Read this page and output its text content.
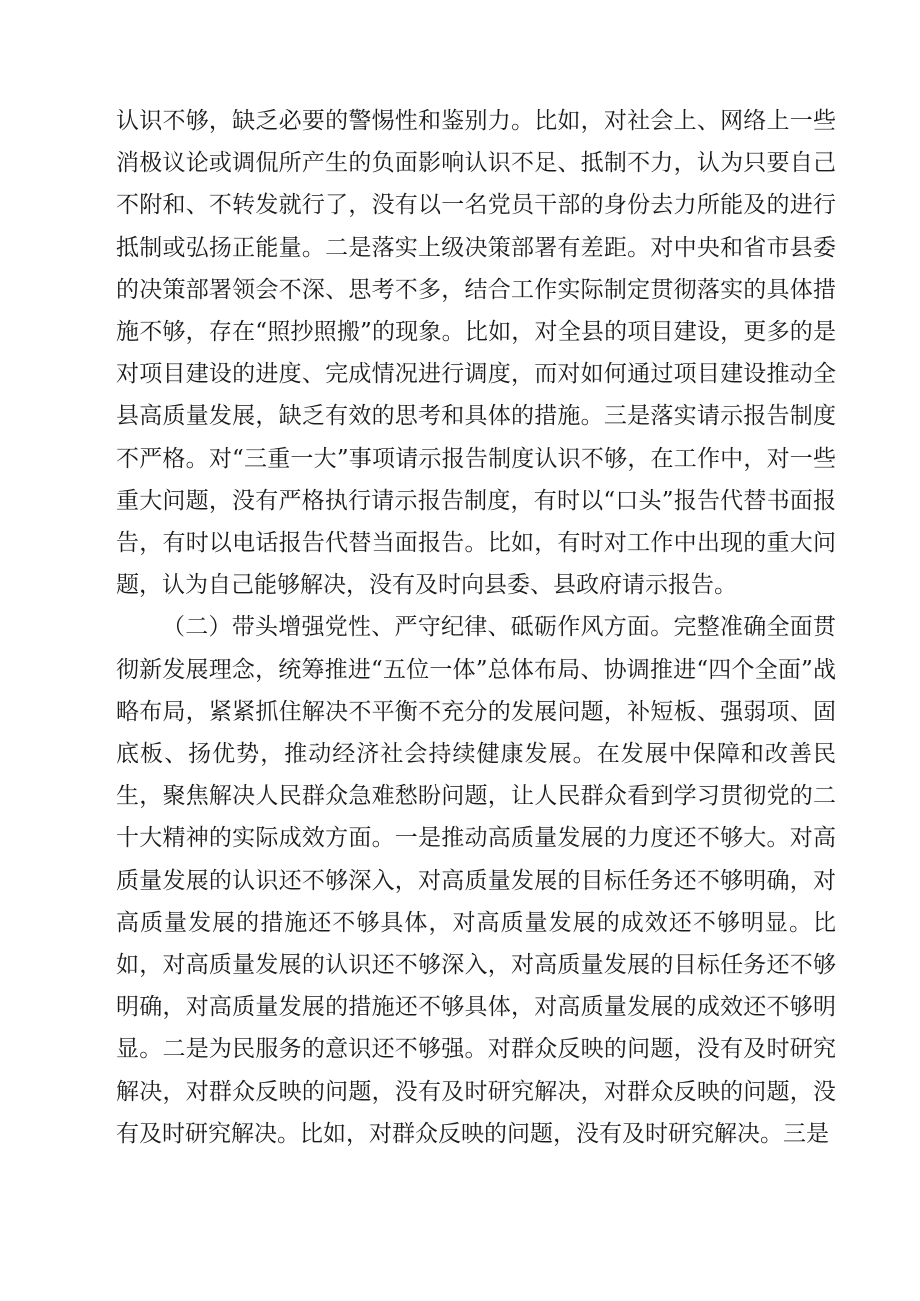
认识不够，缺乏必要的警惕性和鉴别力。比如，对社会上、网络上一些消极议论或调侃所产生的负面影响认识不足、抵制不力，认为只要自己不附和、不转发就行了，没有以一名党员干部的身份去力所能及的进行抵制或弘扬正能量。二是落实上级决策部署有差距。对中央和省市县委的决策部署领会不深、思考不多，结合工作实际制定贯彻落实的具体措施不够，存在“照抄照搬”的现象。比如，对全县的项目建设，更多的是对项目建设的进度、完成情况进行调度，而对如何通过项目建设推动全县高质量发展，缺乏有效的思考和具体的措施。三是落实请示报告制度不严格。对“三重一大”事项请示报告制度认识不够，在工作中，对一些重大问题，没有严格执行请示报告制度，有时以“口头”报告代替书面报告，有时以电话报告代替当面报告。比如，有时对工作中出现的重大问题，认为自己能够解决，没有及时向县委、县政府请示报告。

（二）带头增强党性、严守纪律、砥砺作风方面。完整准确全面贯彻新发展理念，统筹推进“五位一体”总体布局、协调推进“四个全面”战略布局，紧紧抓住解决不平衡不充分的发展问题，补短板、强弱项、固底板、扬优势，推动经济社会持续健康发展。在发展中保障和改善民生，聚焦解决人民群众急难愁盼问题，让人民群众看到学习贯彻党的二十大精神的实际成效方面。一是推动高质量发展的力度还不够大。对高质量发展的认识还不够深入，对高质量发展的目标任务还不够明确，对高质量发展的措施还不够具体，对高质量发展的成效还不够明显。比如，对高质量发展的认识还不够深入，对高质量发展的目标任务还不够明确，对高质量发展的措施还不够具体，对高质量发展的成效还不够明显。二是为民服务的意识还不够强。对群众反映的问题，没有及时研究解决，对群众反映的问题，没有及时研究解决，对群众反映的问题，没有及时研究解决。比如，对群众反映的问题，没有及时研究解决。三是
